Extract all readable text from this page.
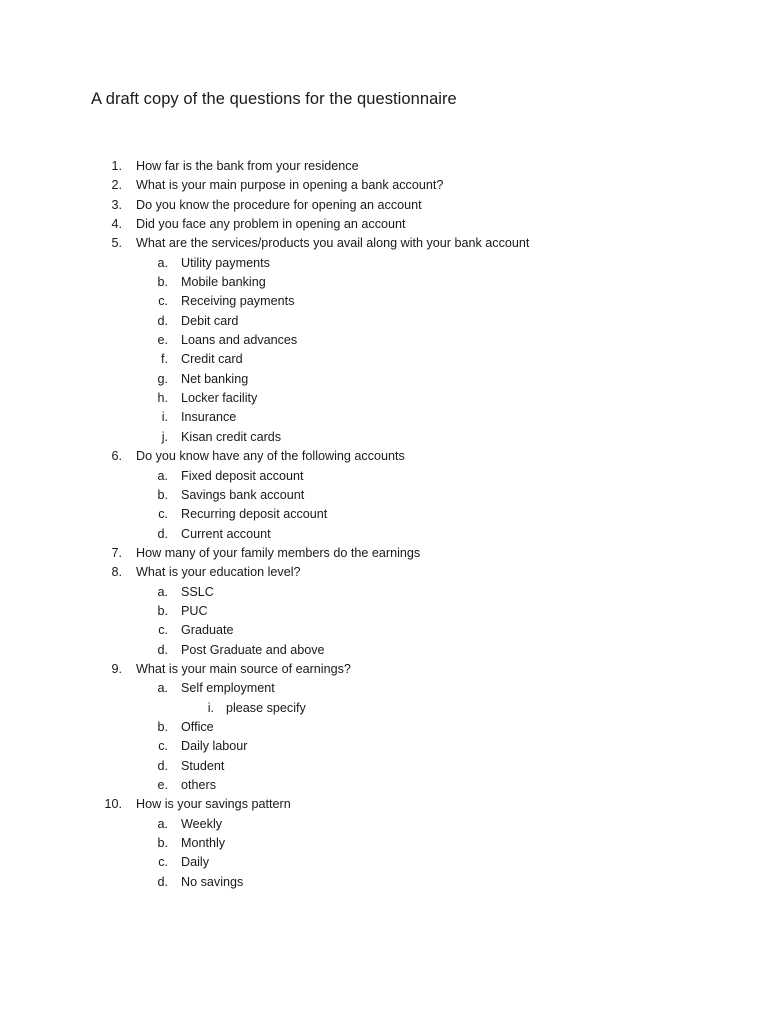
A draft copy of the questions for the questionnaire
1. How far is the bank from your residence
2. What is your main purpose in opening a bank account?
3. Do you know the procedure for opening an account
4. Did you face any problem in opening an account
5. What are the services/products you avail along with your bank account
a. Utility payments
b. Mobile banking
c. Receiving payments
d. Debit card
e. Loans and advances
f. Credit card
g. Net banking
h. Locker facility
i. Insurance
j. Kisan credit cards
6. Do you know have any of the following accounts
a. Fixed deposit account
b. Savings bank account
c. Recurring deposit account
d. Current account
7. How many of your family members do the earnings
8. What is your education level?
a. SSLC
b. PUC
c. Graduate
d. Post Graduate and above
9. What is your main source of earnings?
a. Self employment
i. please specify
b. Office
c. Daily labour
d. Student
e. others
10. How is your savings pattern
a. Weekly
b. Monthly
c. Daily
d. No savings
